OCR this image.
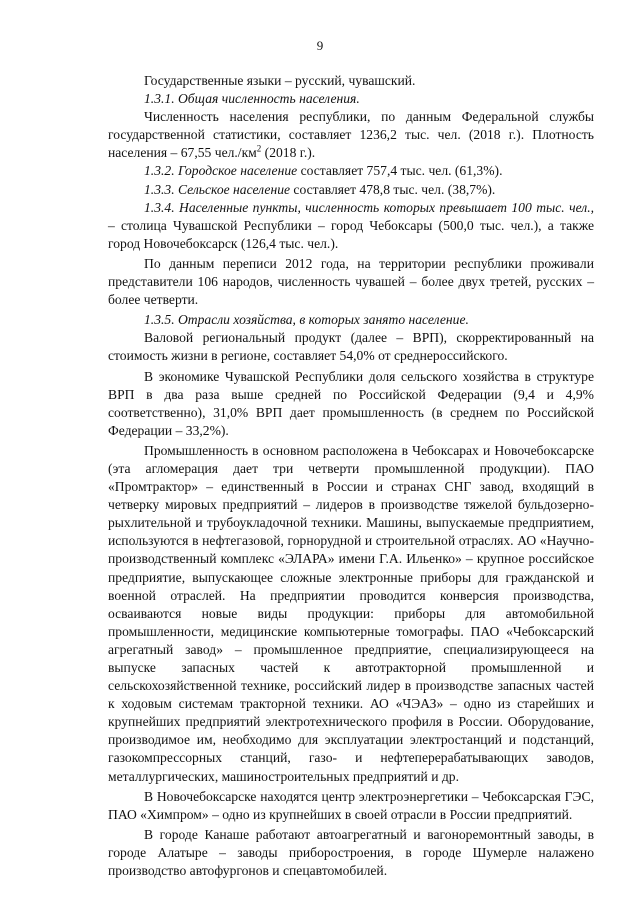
9

Государственные языки – русский, чувашский.

1.3.1. Общая численность населения.

Численность населения республики, по данным Федеральной службы государственной статистики, составляет 1236,2 тыс. чел. (2018 г.). Плотность населения – 67,55 $чел./км^2$ (2018 г.).

1.3.2. Городское население составляет 757,4 тыс. чел. (61,3%).

1.3.3. Сельское население составляет 478,8 тыс. чел. (38,7%).

1.3.4. Населенные пункты, численность которых превышает 100 тыс. чел., – столица Чувашской Республики – город Чебоксары (500,0 тыс. чел.), а также город Новочебоксарск (126,4 тыс. чел.).

По данным переписи 2012 года, на территории республики проживали представители 106 народов, численность чувашей – более двух третей, русских – более четверти.

1.3.5. Отрасли хозяйства, в которых занято население.

Валовой региональный продукт (далее – ВРП), скорректированный на стоимость жизни в регионе, составляет 54,0% от среднероссийского.

В экономике Чувашской Республики доля сельского хозяйства в структуре ВРП в два раза выше средней по Российской Федерации (9,4 и 4,9% соответственно), 31,0% ВРП дает промышленность (в среднем по Российской Федерации – 33,2%).

Промышленность в основном расположена в Чебоксарах и Новочебоксарске (эта агломерация дает три четверти промышленной продукции). ПАО «Промтрактор» – единственный в России и странах СНГ завод, входящий в четверку мировых предприятий – лидеров в производстве тяжелой бульдозерно-рыхлительной и трубоукладочной техники. Машины, выпускаемые предприятием, используются в нефтегазовой, горнорудной и строительной отраслях. АО «Научно-производственный комплекс «ЭЛАРА» имени Г.А. Ильенко» – крупное российское предприятие, выпускающее сложные электронные приборы для гражданской и военной отраслей. На предприятии проводится конверсия производства, осваиваются новые виды продукции: приборы для автомобильной промышленности, медицинские компьютерные томографы. ПАО «Чебоксарский агрегатный завод» – промышленное предприятие, специализирующееся на выпуске запасных частей к автотракторной промышленной и сельскохозяйственной технике, российский лидер в производстве запасных частей к ходовым системам тракторной техники. АО «ЧЭАЗ» – одно из старейших и крупнейших предприятий электротехнического профиля в России. Оборудование, производимое им, необходимо для эксплуатации электростанций и подстанций, газокомпрессорных станций, газо- и нефтеперерабатывающих заводов, металлургических, машиностроительных предприятий и др.

В Новочебоксарске находятся центр электроэнергетики – Чебоксарская ГЭС, ПАО «Химпром» – одно из крупнейших в своей отрасли в России предприятий.

В городе Канаше работают автоагрегатный и вагоноремонтный заводы, в городе Алатыре – заводы приборостроения, в городе Шумерле налажено производство автофургонов и спецавтомобилей.
